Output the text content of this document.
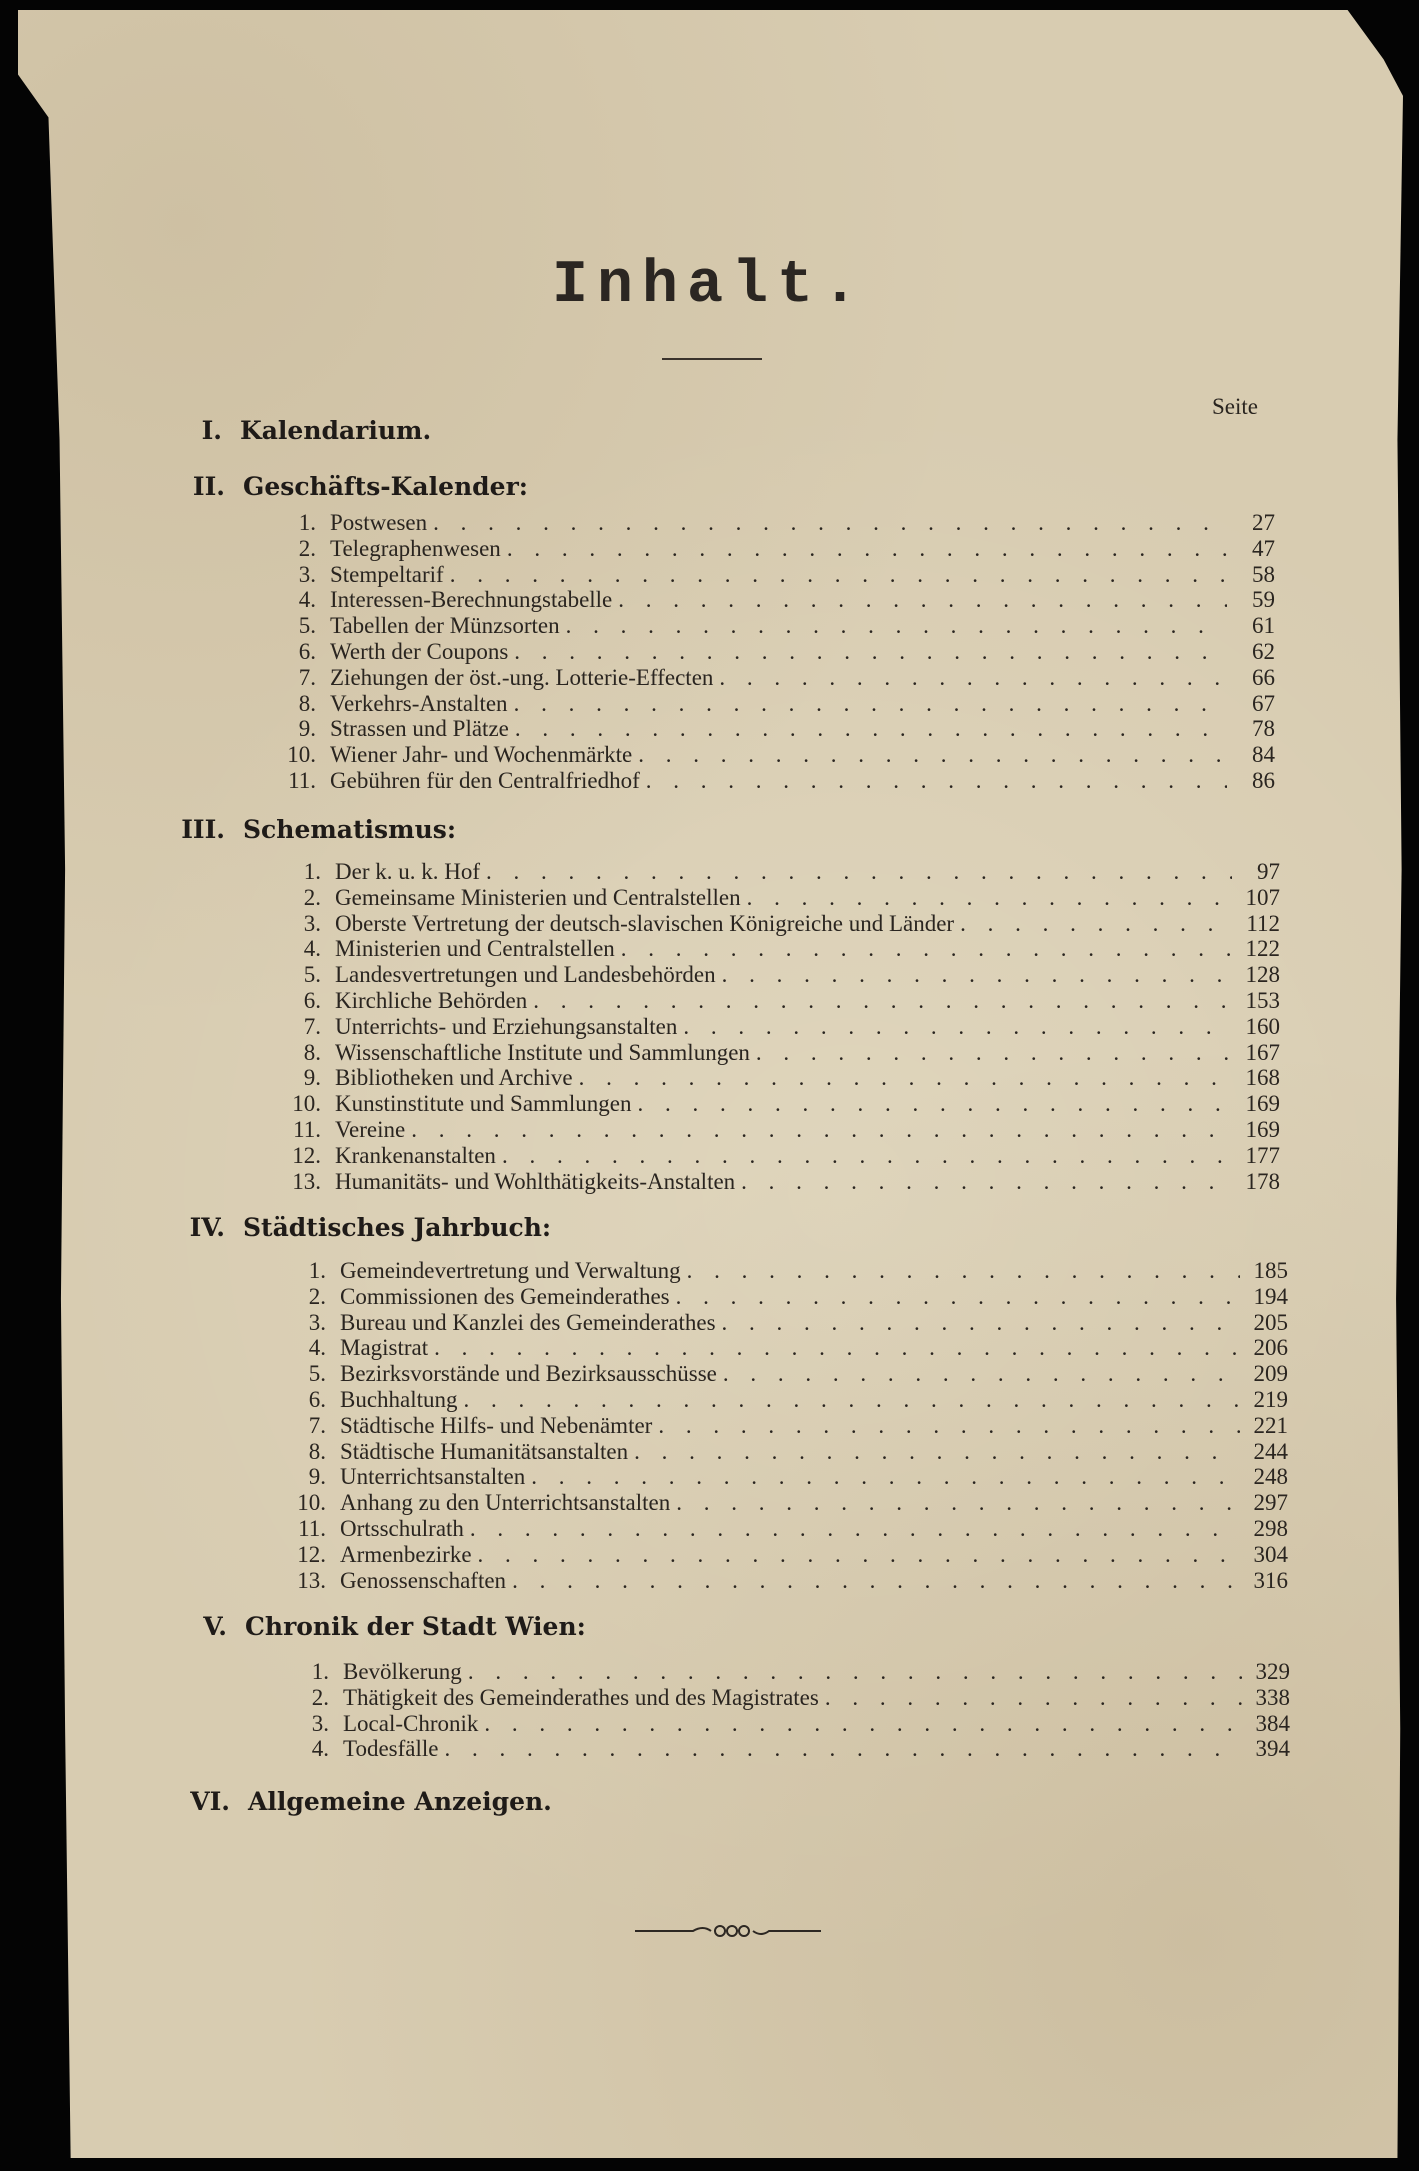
Inhalt.
Seite
I. Kalendarium.
II. Geschäfts-Kalender:
1. Postwesen . . .	27
2. Telegraphenwesen . . .	47
3. Stempeltarif . . .	58
4. Interessen-Berechnungstabelle . . .	59
5. Tabellen der Münzsorten . . .	61
6. Werth der Coupons . . .	62
7. Ziehungen der öst.-ung. Lotterie-Effecten . . .	66
8. Verkehrs-Anstalten . . .	67
9. Strassen und Plätze . . .	78
10. Wiener Jahr- und Wochenmärkte . . .	84
11. Gebühren für den Centralfriedhof . . .	86
III. Schematismus:
1. Der k. u. k. Hof . . .	97
2. Gemeinsame Ministerien und Centralstellen . . .	107
3. Oberste Vertretung der deutsch-slavischen Königreiche und Länder . . .	112
4. Ministerien und Centralstellen . . .	122
5. Landesvertretungen und Landesbehörden . . .	128
6. Kirchliche Behörden . . .	153
7. Unterrichts- und Erziehungsanstalten . . .	160
8. Wissenschaftliche Institute und Sammlungen . . .	167
9. Bibliotheken und Archive . . .	168
10. Kunstinstitute und Sammlungen . . .	169
11. Vereine . . .	169
12. Krankenanstalten . . .	177
13. Humanitäts- und Wohlthätigkeits-Anstalten . . .	178
IV. Städtisches Jahrbuch:
1. Gemeindevertretung und Verwaltung . . .	185
2. Commissionen des Gemeinderathes . . .	194
3. Bureau und Kanzlei des Gemeinderathes . . .	205
4. Magistrat . . .	206
5. Bezirksvorstände und Bezirksausschüsse . . .	209
6. Buchhaltung . . .	219
7. Städtische Hilfs- und Nebenämter . . .	221
8. Städtische Humanitätsanstalten . . .	244
9. Unterrichtsanstalten . . .	248
10. Anhang zu den Unterrichtsanstalten . . .	297
11. Ortsschulrath . . .	298
12. Armenbezirke . . .	304
13. Genossenschaften . . .	316
V. Chronik der Stadt Wien:
1. Bevölkerung . . .	329
2. Thätigkeit des Gemeinderathes und des Magistrates . . .	338
3. Local-Chronik . . .	384
4. Todesfälle . . .	394
VI. Allgemeine Anzeigen.
